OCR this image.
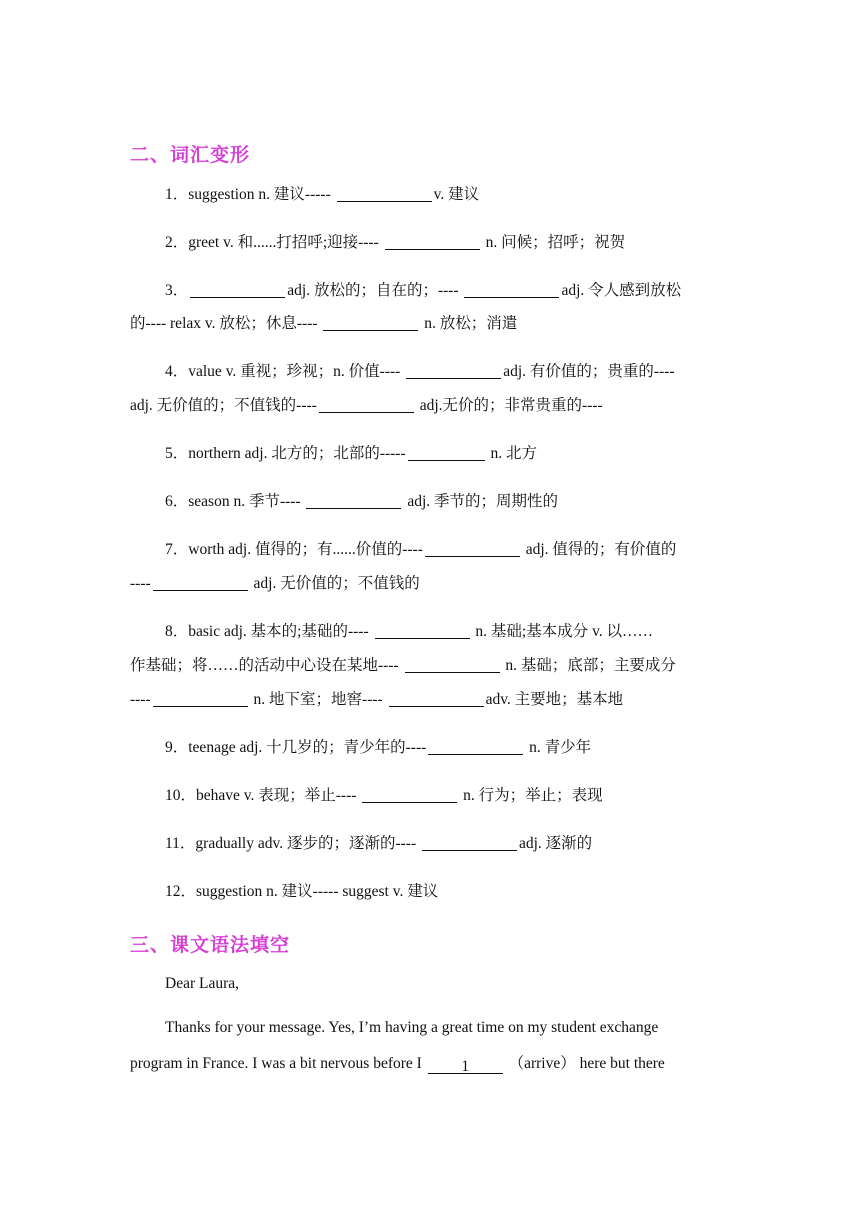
二、词汇变形
1．suggestion n. 建议-----	v. 建议
2．greet v. 和......打招呼;迎接----	n. 问候；招呼；祝贺
3．	adj. 放松的；自在的；----	adj. 令人感到放松
的---- relax v. 放松；休息----	n. 放松；消遣
4．value v. 重视；珍视；n. 价值----	adj. 有价值的；贵重的----
adj. 无价值的；不值钱的----	adj.无价的；非常贵重的----
5．northern adj. 北方的；北部的-----	n. 北方
6．season n. 季节----	adj. 季节的；周期性的
7．worth adj. 值得的；有......价值的----	adj. 值得的；有价值的
----	adj. 无价值的；不值钱的
8．basic adj. 基本的;基础的----	n. 基础;基本成分 v. 以……
作基础；将……的活动中心设在某地----	n. 基础；底部；主要成分
----	n. 地下室；地窖----	adv. 主要地；基本地
9．teenage adj. 十几岁的；青少年的----	n. 青少年
10．behave v. 表现；举止----	n. 行为；举止；表现
11．gradually adv. 逐步的；逐渐的----	adj. 逐渐的
12．suggestion n. 建议----- suggest v. 建议
三、课文语法填空
Dear Laura,
Thanks for your message. Yes, I’m having a great time on my student exchange
program in France. I was a bit nervous before I	1	（arrive） here but there
